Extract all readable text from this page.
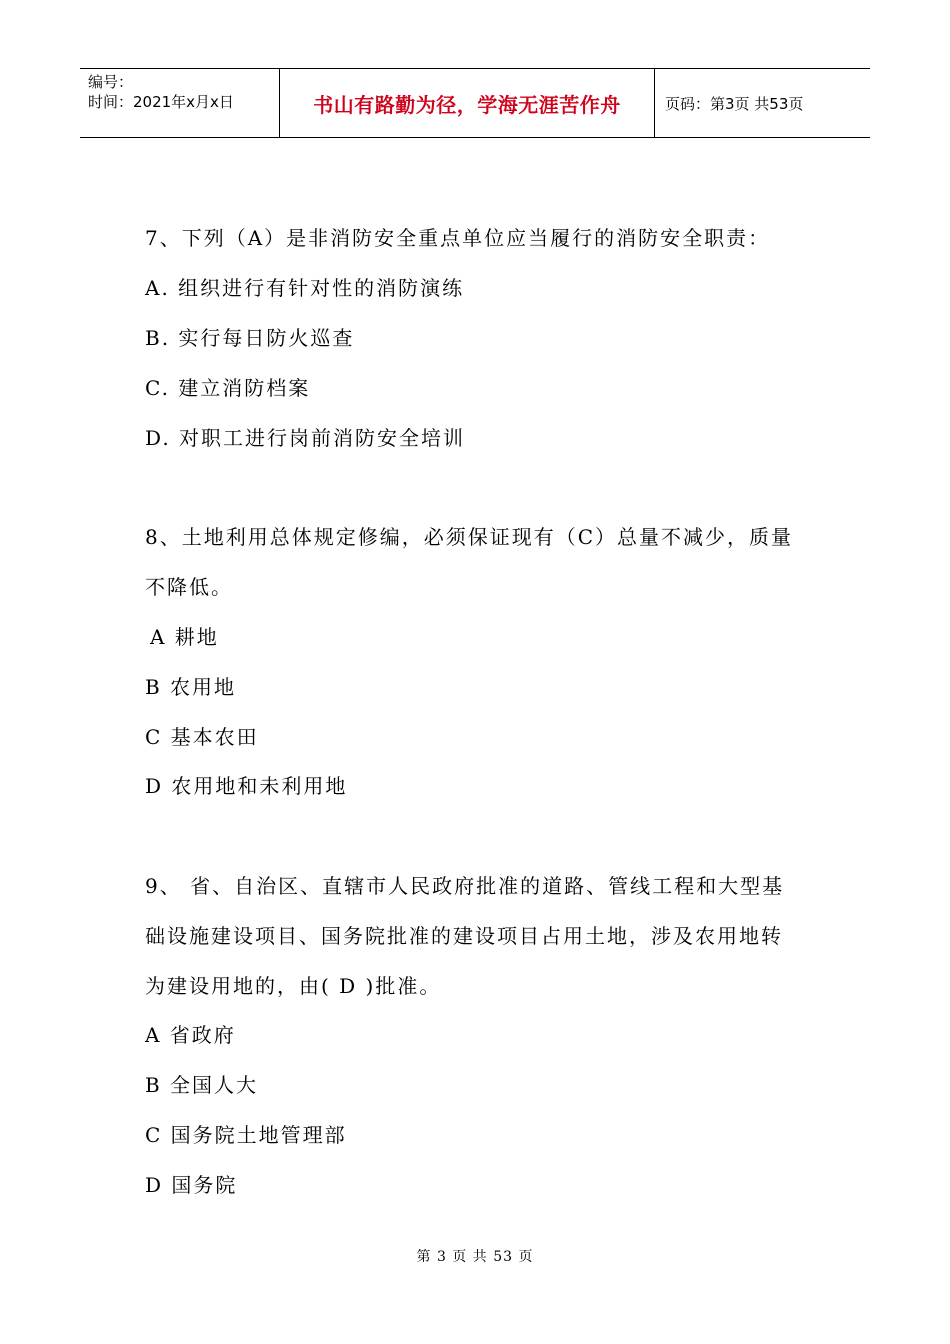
编号：
时间：2021年x月x日	书山有路勤为径，学海无涯苦作舟	页码：第3页 共53页
7、下列（A）是非消防安全重点单位应当履行的消防安全职责：
A. 组织进行有针对性的消防演练
B. 实行每日防火巡查
C. 建立消防档案
D. 对职工进行岗前消防安全培训
8、土地利用总体规定修编，必须保证现有（C）总量不减少，质量
不降低。
A 耕地
B 农用地
C 基本农田
D 农用地和未利用地
9、 省、自治区、直辖市人民政府批准的道路、管线工程和大型基
础设施建设项目、国务院批准的建设项目占用土地，涉及农用地转
为建设用地的，由( D )批准。
A 省政府
B 全国人大
C 国务院土地管理部
D 国务院
第 3 页 共 53 页
